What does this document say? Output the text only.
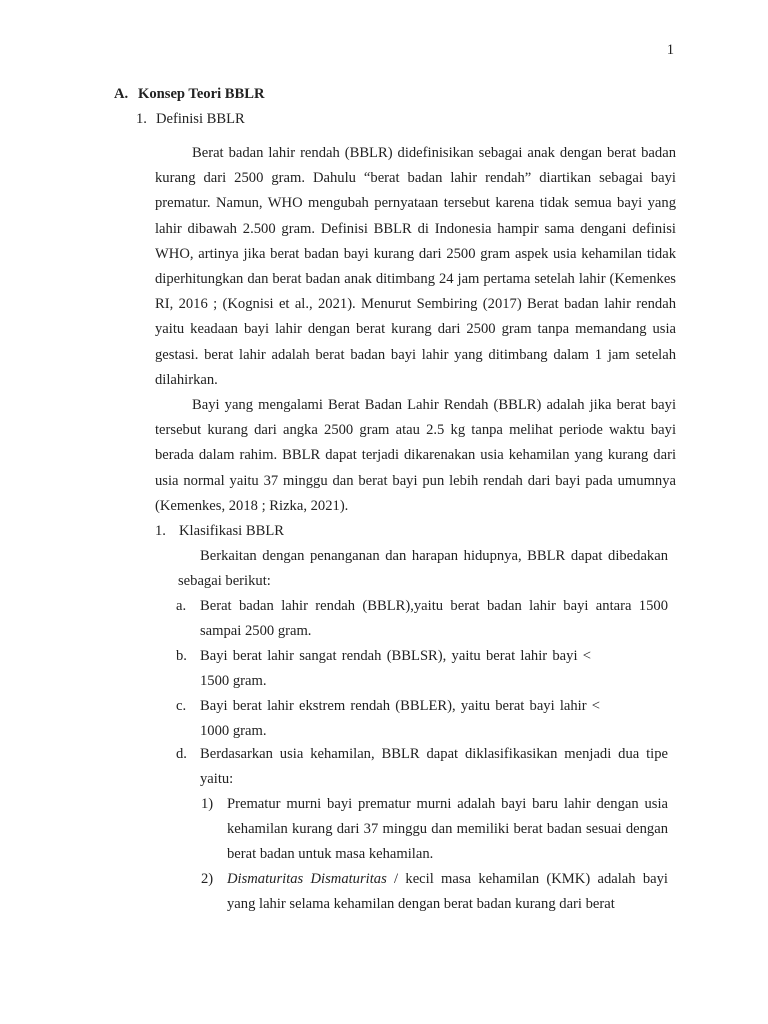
1
A. Konsep Teori BBLR
1. Definisi BBLR

Berat badan lahir rendah (BBLR) didefinisikan sebagai anak dengan berat badan kurang dari 2500 gram. Dahulu “berat badan lahir rendah” diartikan sebagai bayi prematur. Namun, WHO mengubah pernyataan tersebut karena tidak semua bayi yang lahir dibawah 2.500 gram. Definisi BBLR di Indonesia hampir sama dengani definisi WHO, artinya jika berat badan bayi kurang dari 2500 gram aspek usia kehamilan tidak diperhitungkan dan berat badan anak ditimbang 24 jam pertama setelah lahir (Kemenkes RI, 2016 ; (Kognisi et al., 2021). Menurut Sembiring (2017) Berat badan lahir rendah yaitu keadaan bayi lahir dengan berat kurang dari 2500 gram tanpa memandang usia gestasi. berat lahir adalah berat badan bayi lahir yang ditimbang dalam 1 jam setelah dilahirkan.

Bayi yang mengalami Berat Badan Lahir Rendah (BBLR) adalah jika berat bayi tersebut kurang dari angka 2500 gram atau 2.5 kg tanpa melihat periode waktu bayi berada dalam rahim. BBLR dapat terjadi dikarenakan usia kehamilan yang kurang dari usia normal yaitu 37 minggu dan berat bayi pun lebih rendah dari bayi pada umumnya (Kemenkes, 2018 ; Rizka, 2021).

1. Klasifikasi BBLR

Berkaitan dengan penanganan dan harapan hidupnya, BBLR dapat dibedakan sebagai berikut:

a. Berat badan lahir rendah (BBLR),yaitu berat badan lahir bayi antara 1500 sampai 2500 gram.
b. Bayi berat lahir sangat rendah (BBLSR), yaitu berat lahir bayi < 1500 gram.
c. Bayi berat lahir ekstrem rendah (BBLER), yaitu berat bayi lahir < 1000 gram.
d. Berdasarkan usia kehamilan, BBLR dapat diklasifikasikan menjadi dua tipe yaitu:
1) Prematur murni bayi prematur murni adalah bayi baru lahir dengan usia kehamilan kurang dari 37 minggu dan memiliki berat badan sesuai dengan berat badan untuk masa kehamilan.
2) Dismaturitas Dismaturitas / kecil masa kehamilan (KMK) adalah bayi yang lahir selama kehamilan dengan berat badan kurang dari berat
